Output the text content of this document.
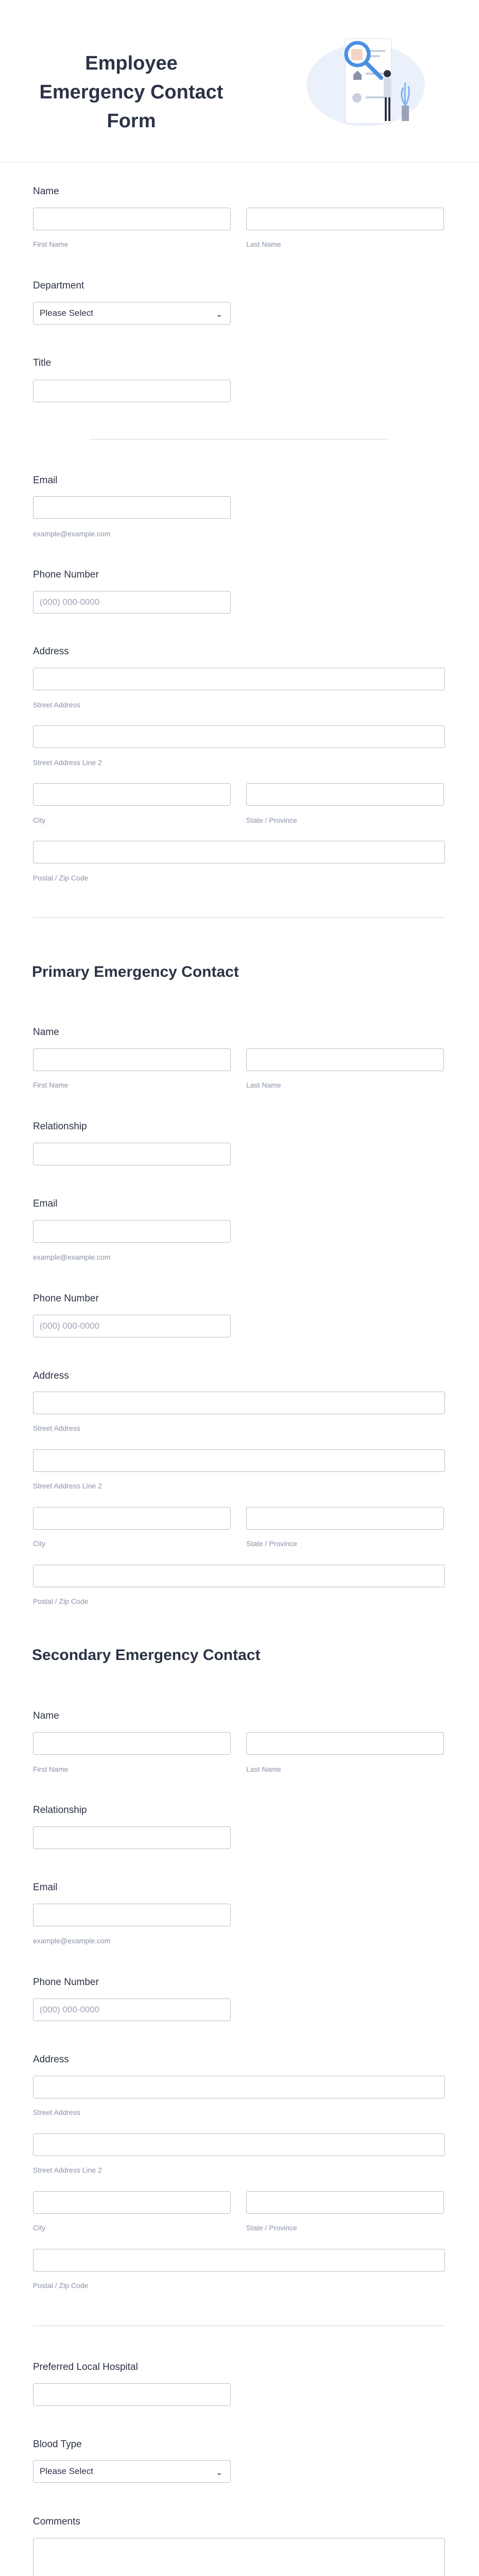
Employee Emergency Contact Form
Name
First Name	Last Name
Department
Please Select	⌄
Title
Email
example@example.com
Phone Number
(000) 000-0000
Address
Street Address
Street Address Line 2
City	State / Province
Postal / Zip Code
Primary Emergency Contact
Name
First Name	Last Name
Relationship
Email
example@example.com
Phone Number
(000) 000-0000
Address
Street Address
Street Address Line 2
City	State / Province
Postal / Zip Code
Secondary Emergency Contact
Name
First Name	Last Name
Relationship
Email
example@example.com
Phone Number
(000) 000-0000
Address
Street Address
Street Address Line 2
City	State / Province
Postal / Zip Code
Preferred Local Hospital
Blood Type
Please Select	⌄
Comments
